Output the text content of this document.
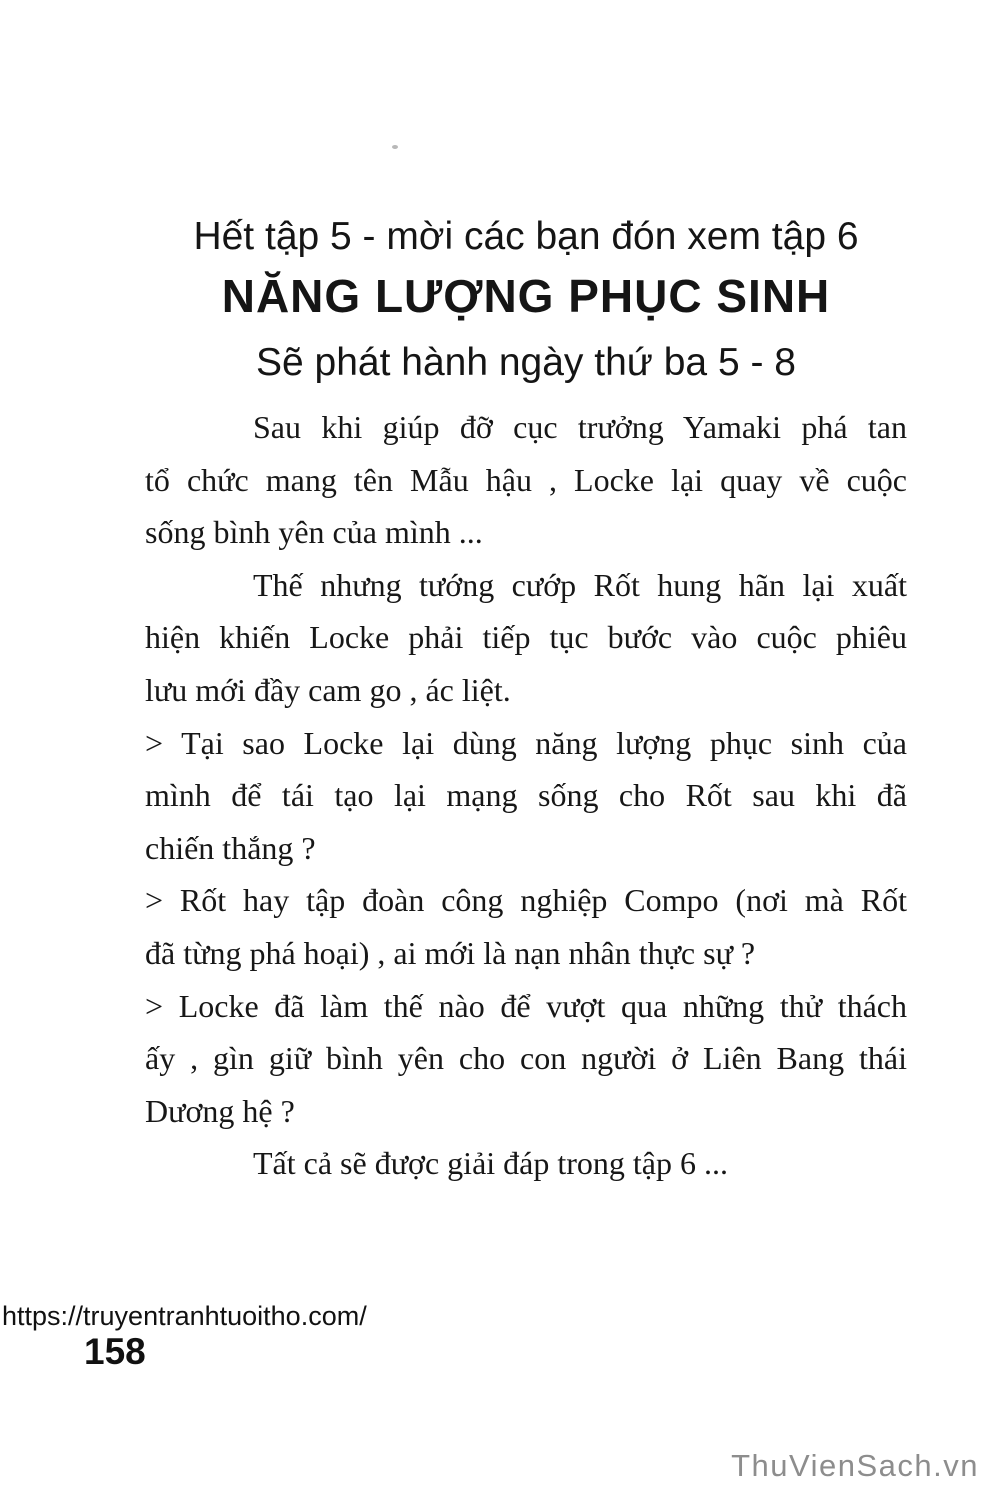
Hết tập 5 - mời các bạn đón xem tập 6
NĂNG LƯỢNG PHỤC SINH
Sẽ phát hành ngày thứ ba 5 - 8
Sau khi giúp đỡ cục trưởng Yamaki phá tan
tổ chức mang tên Mẫu hậu , Locke lại quay về cuộc
sống bình yên của mình ...
Thế nhưng tướng cướp Rốt hung hãn lại xuất
hiện khiến Locke phải tiếp tục bước vào cuộc phiêu
lưu mới đầy cam go , ác liệt.
> Tại sao Locke lại dùng năng lượng phục sinh của
mình để tái tạo lại mạng sống cho Rốt sau khi đã
chiến thắng ?
> Rốt hay tập đoàn công nghiệp Compo (nơi mà Rốt
đã từng phá hoại) , ai mới là nạn nhân thực sự ?
> Locke đã làm thế nào để vượt qua những thử thách
ấy , gìn giữ bình yên cho con người ở Liên Bang thái
Dương hệ ?
Tất cả sẽ được giải đáp trong tập 6 ...
https://truyentranhtuoitho.com/
158
ThuVienSach.vn
